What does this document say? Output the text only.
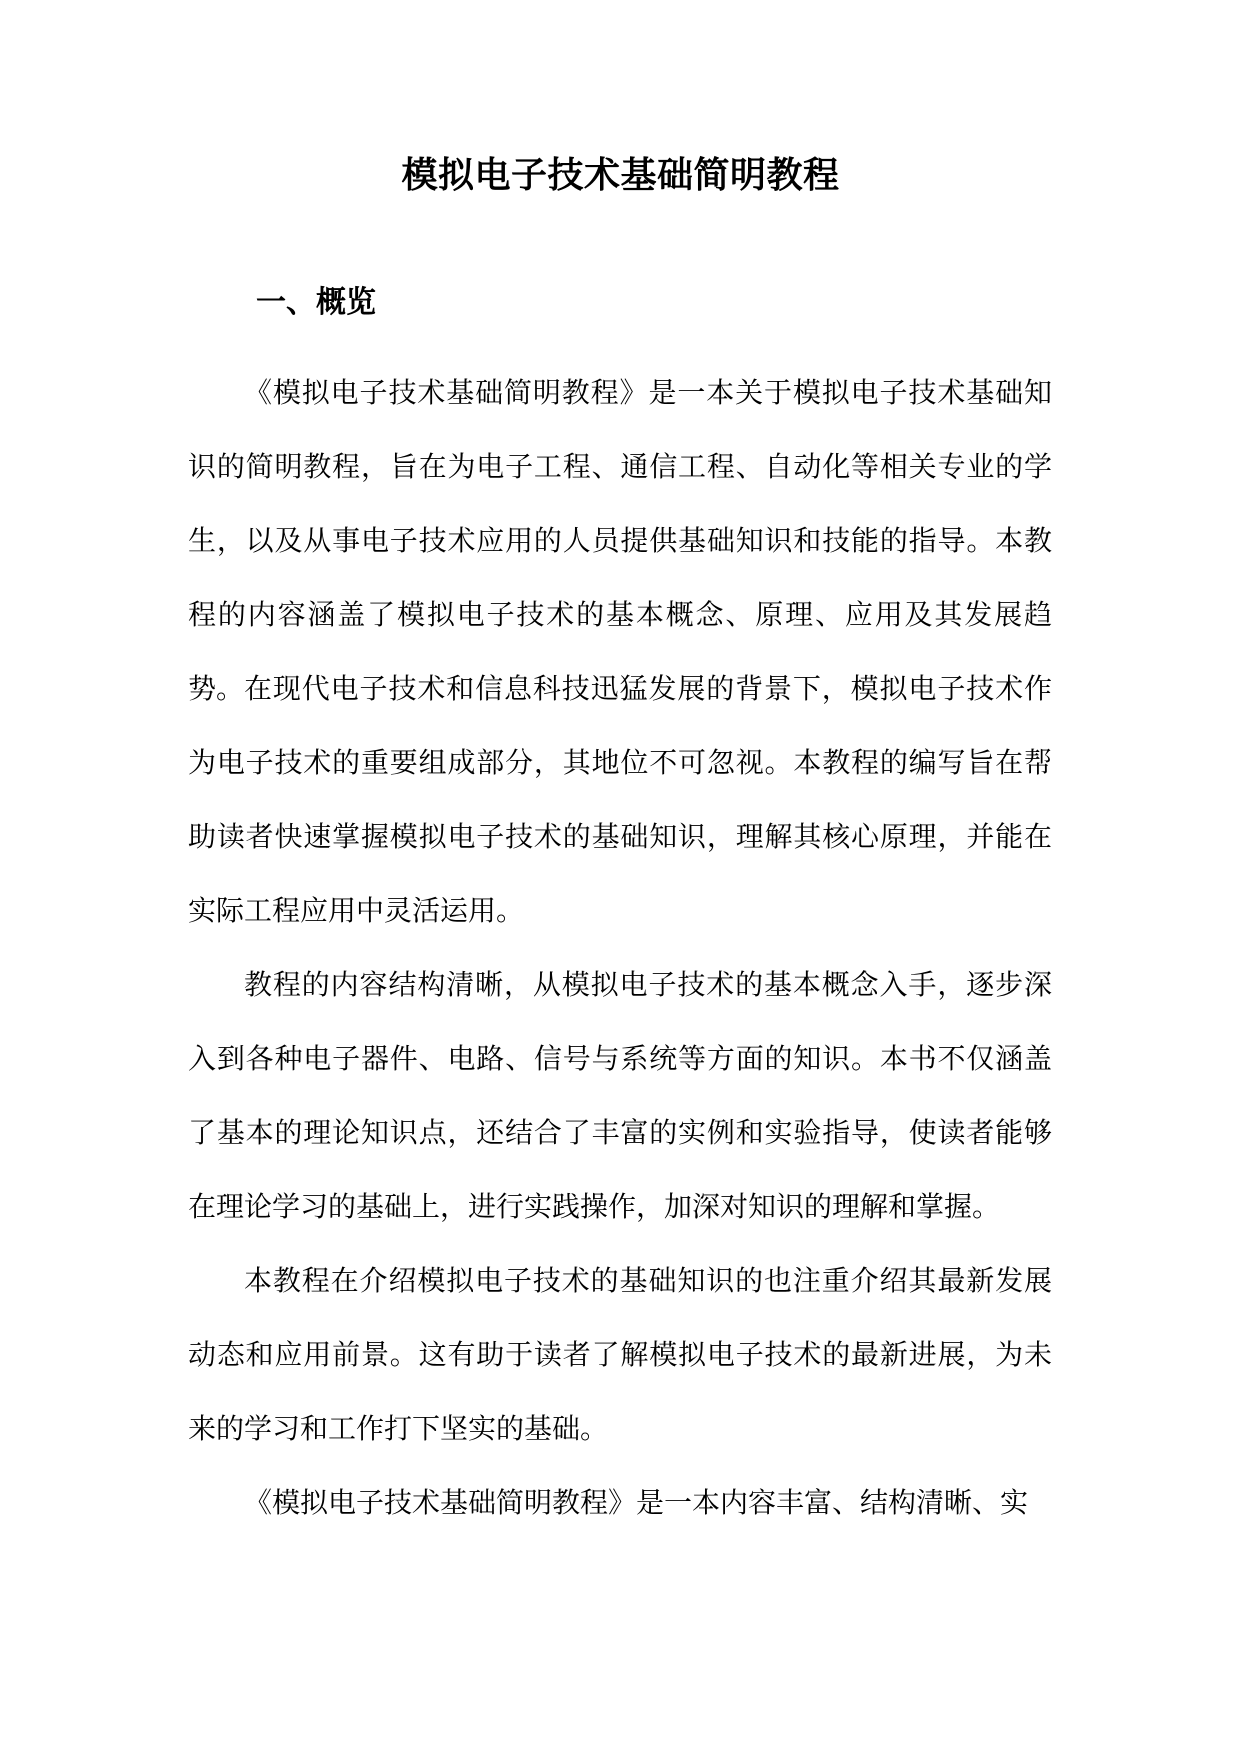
模拟电子技术基础简明教程
一、概览

《模拟电子技术基础简明教程》是一本关于模拟电子技术基础知识的简明教程，旨在为电子工程、通信工程、自动化等相关专业的学生，以及从事电子技术应用的人员提供基础知识和技能的指导。本教程的内容涵盖了模拟电子技术的基本概念、原理、应用及其发展趋势。 在现代电子技术和信息科技迅猛发展的背景下，模拟电子技术作为电子技术的重要组成部分，其地位不可忽视。本教程的编写旨在帮助读者快速掌握模拟电子技术的基础知识，理解其核心原理，并能在实际工程应用中灵活运用。

教程的内容结构清晰，从模拟电子技术的基本概念入手，逐步深入到各种电子器件、电路、信号与系统等方面的知识。本书不仅涵盖了基本的理论知识点，还结合了丰富的实例和实验指导，使读者能够在理论学习的基础上，进行实践操作，加深对知识的理解和掌握。

本教程在介绍模拟电子技术的基础知识的也注重介绍其最新发展动态和应用前景。这有助于读者了解模拟电子技术的最新进展，为未来的学习和工作打下坚实的基础。

《模拟电子技术基础简明教程》是一本内容丰富、结构清晰、实
